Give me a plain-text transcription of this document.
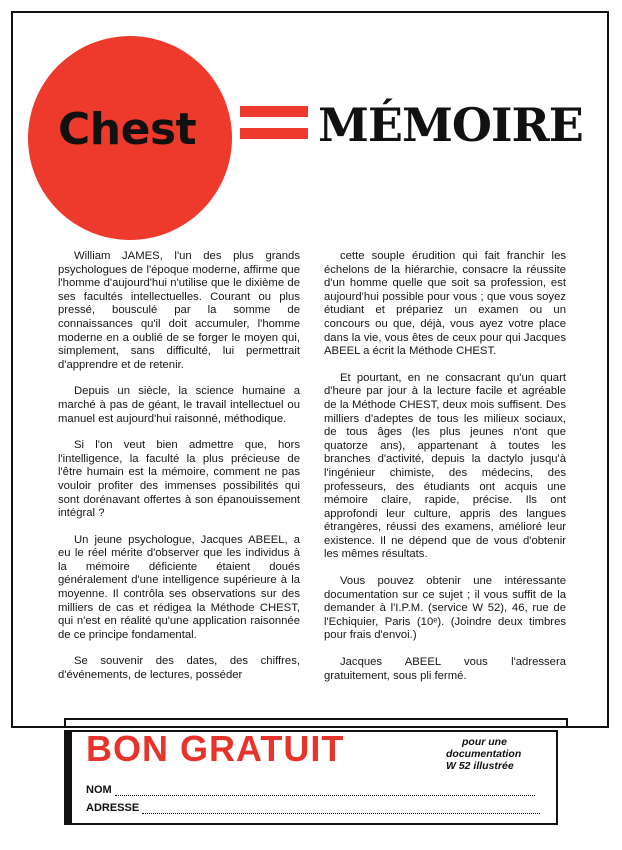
Chest	MÉMOIRE

William JAMES, l'un des plus grands psychologues de l'époque moderne, affirme que l'homme d'aujourd'hui n'utilise que le dixième de ses facultés intellectuelles. Courant ou plus pressé, bousculé par la somme de connaissances qu'il doit accumuler, l'homme moderne en a oublié de se forger le moyen qui, simplement, sans difficulté, lui permettrait d'apprendre et de retenir.

Depuis un siècle, la science humaine a marché à pas de géant, le travail intellectuel ou manuel est aujourd'hui raisonné, méthodique.

Si l'on veut bien admettre que, hors l'intelligence, la faculté la plus précieuse de l'être humain est la mémoire, comment ne pas vouloir profiter des immenses possibilités qui sont dorénavant offertes à son épanouissement intégral ?

Un jeune psychologue, Jacques ABEEL, a eu le réel mérite d'observer que les individus à la mémoire déficiente étaient doués généralement d'une intelligence supérieure à la moyenne. Il contrôla ses observations sur des milliers de cas et rédigea la Méthode CHEST, qui n'est en réalité qu'une application raisonnée de ce principe fondamental.

Se souvenir des dates, des chiffres, d'événements, de lectures, posséder

cette souple érudition qui fait franchir les échelons de la hiérarchie, consacre la réussite d'un homme quelle que soit sa profession, est aujourd'hui possible pour vous ; que vous soyez étudiant et prépariez un examen ou un concours ou que, déjà, vous ayez votre place dans la vie, vous êtes de ceux pour qui Jacques ABEEL a écrit la Méthode CHEST.

Et pourtant, en ne consacrant qu'un quart d'heure par jour à la lecture facile et agréable de la Méthode CHEST, deux mois suffisent. Des milliers d'adeptes de tous les milieux sociaux, de tous âges (les plus jeunes n'ont que quatorze ans), appartenant à toutes les branches d'activité, depuis la dactylo jusqu'à l'ingénieur chimiste, des médecins, des professeurs, des étudiants ont acquis une mémoire claire, rapide, précise. Ils ont approfondi leur culture, appris des langues étrangères, réussi des examens, amélioré leur existence. Il ne dépend que de vous d'obtenir les mêmes résultats.

Vous pouvez obtenir une intéressante documentation sur ce sujet ; il vous suffit de la demander à l'I.P.M. (service W 52), 46, rue de l'Echiquier, Paris (10ᵉ). (Joindre deux timbres pour frais d'envoi.)

Jacques ABEEL vous l'adressera gratuitement, sous pli fermé.

BON GRATUIT	pour une
documentation
W 52 illustrée
NOM
ADRESSE
